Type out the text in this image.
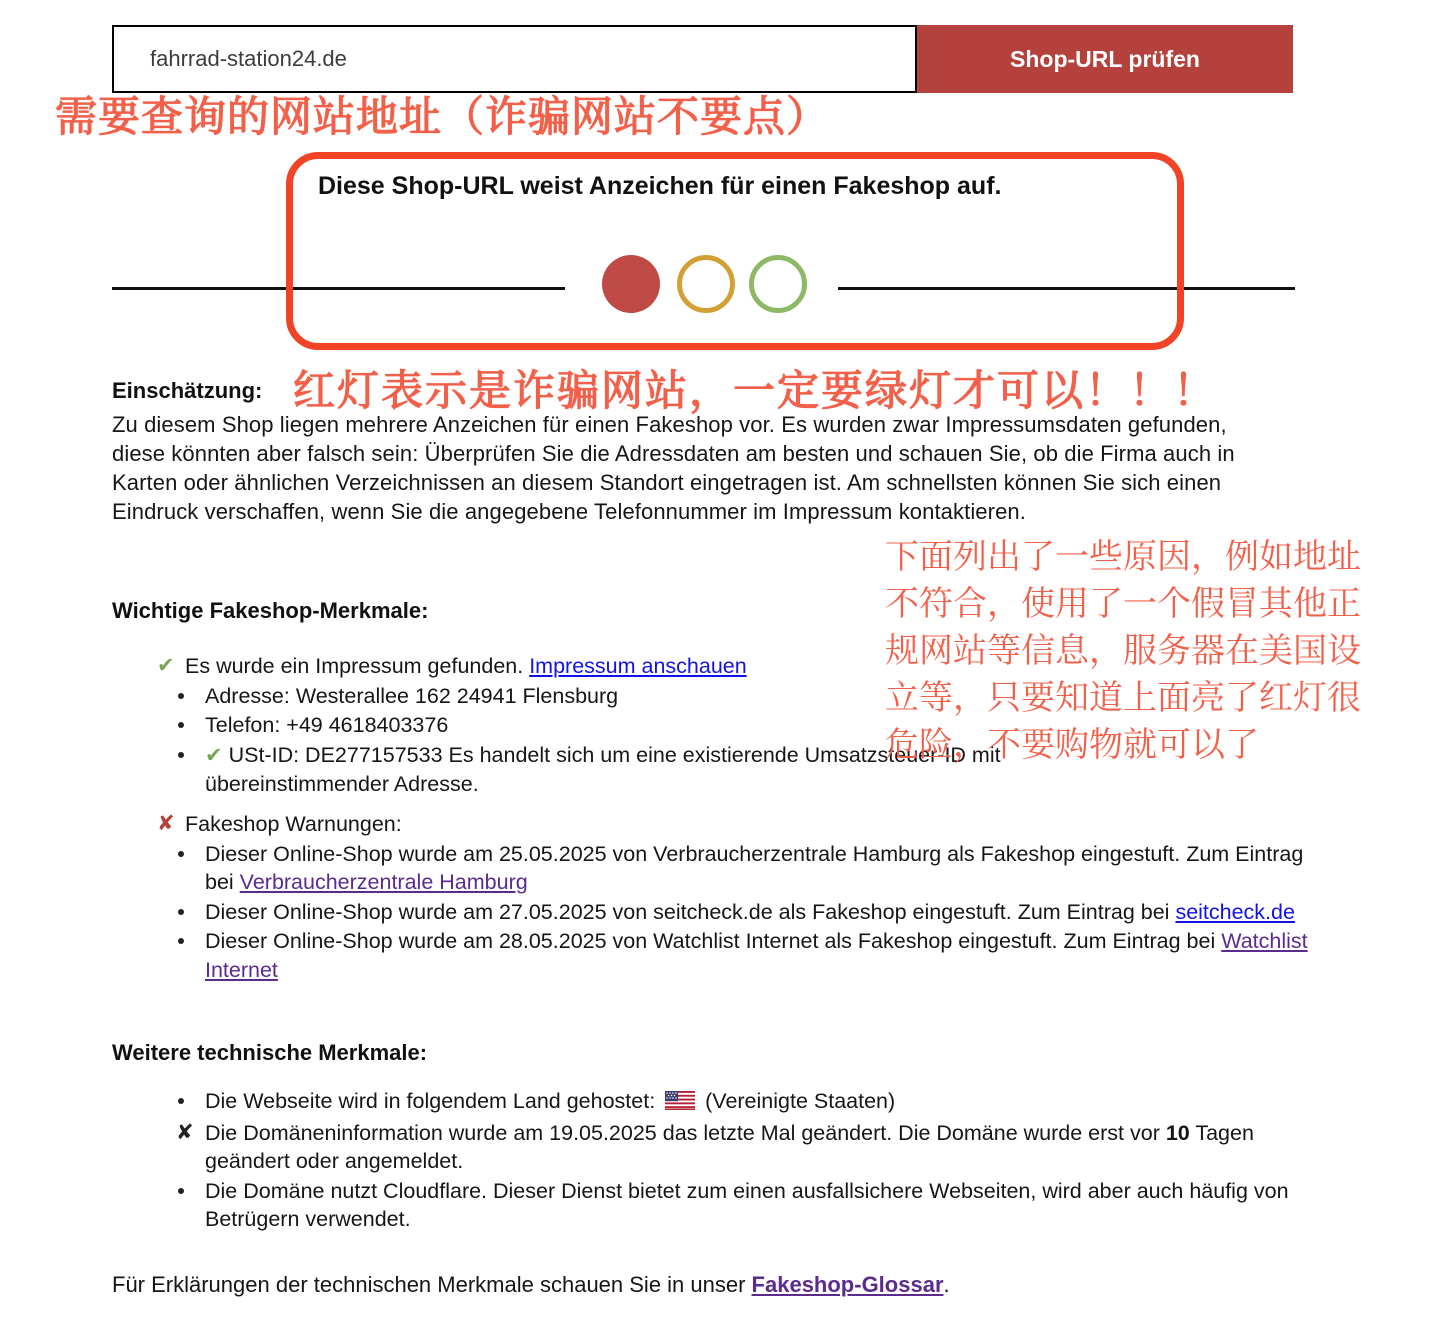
fahrrad-station24.de
Shop-URL prüfen
需要查询的网站地址（诈骗网站不要点）
红灯表示是诈骗网站，一定要绿灯才可以！！！
下面列出了一些原因，例如地址不符合，使用了一个假冒其他正规网站等信息，服务器在美国设立等，只要知道上面亮了红灯很危险，不要购物就可以了
Diese Shop-URL weist Anzeichen für einen Fakeshop auf.
Einschätzung:
Zu diesem Shop liegen mehrere Anzeichen für einen Fakeshop vor. Es wurden zwar Impressumsdaten gefunden, diese könnten aber falsch sein: Überprüfen Sie die Adressdaten am besten und schauen Sie, ob die Firma auch in Karten oder ähnlichen Verzeichnissen an diesem Standort eingetragen ist. Am schnellsten können Sie sich einen Eindruck verschaffen, wenn Sie die angegebene Telefonnummer im Impressum kontaktieren.
Wichtige Fakeshop-Merkmale:
✔ Es wurde ein Impressum gefunden. Impressum anschauen
Adresse: Westerallee 162 24941 Flensburg
Telefon: +49 4618403376
✔ USt-ID: DE277157533 Es handelt sich um eine existierende Umsatzsteuer-ID mit übereinstimmender Adresse.
✘ Fakeshop Warnungen:
Dieser Online-Shop wurde am 25.05.2025 von Verbraucherzentrale Hamburg als Fakeshop eingestuft. Zum Eintrag bei Verbraucherzentrale Hamburg
Dieser Online-Shop wurde am 27.05.2025 von seitcheck.de als Fakeshop eingestuft. Zum Eintrag bei seitcheck.de
Dieser Online-Shop wurde am 28.05.2025 von Watchlist Internet als Fakeshop eingestuft. Zum Eintrag bei Watchlist Internet
Weitere technische Merkmale:
Die Webseite wird in folgendem Land gehostet:  (Vereinigte Staaten)
✘ Die Domäneninformation wurde am 19.05.2025 das letzte Mal geändert. Die Domäne wurde erst vor 10 Tagen geändert oder angemeldet.
Die Domäne nutzt Cloudflare. Dieser Dienst bietet zum einen ausfallsichere Webseiten, wird aber auch häufig von Betrügern verwendet.
Für Erklärungen der technischen Merkmale schauen Sie in unser Fakeshop-Glossar.
